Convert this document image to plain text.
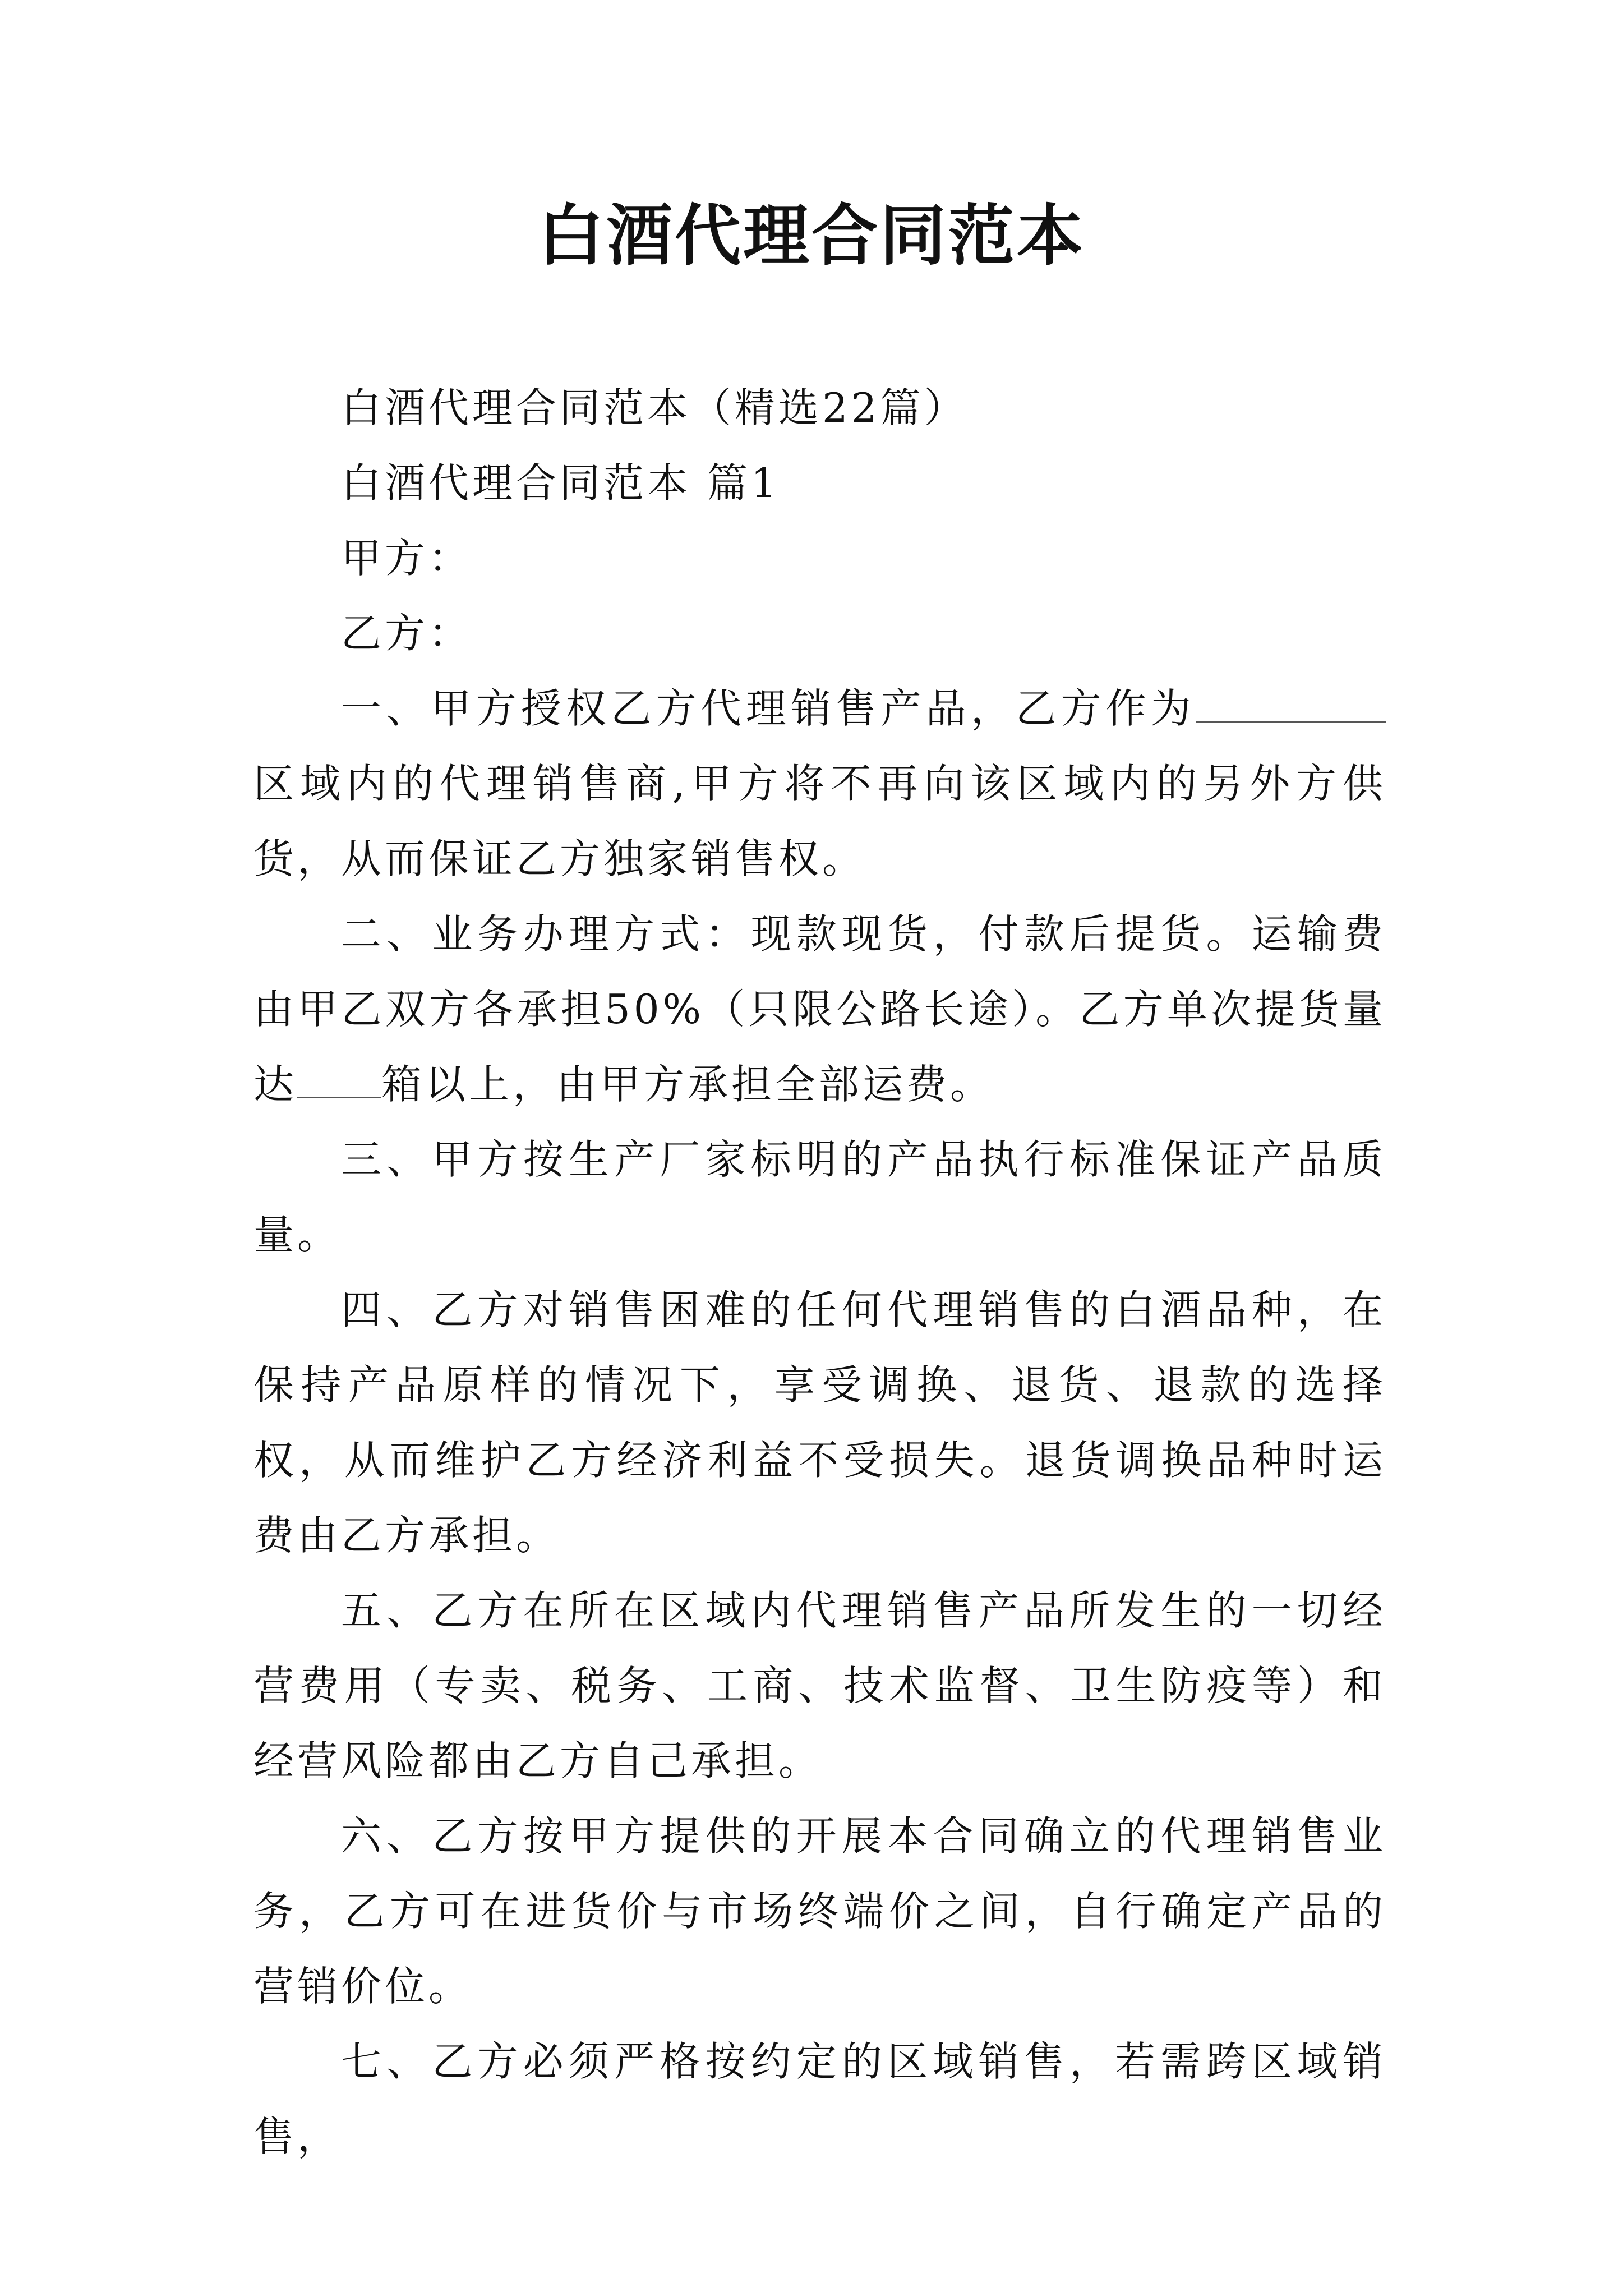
白酒代理合同范本

白酒代理合同范本（精选22篇）

白酒代理合同范本 篇1

甲方：

乙方：

一、甲方授权乙方代理销售产品，乙方作为区域内的代理销售商,甲方将不再向该区域内的另外方供货，从而保证乙方独家销售权。

二、业务办理方式：现款现货，付款后提货。运输费由甲乙双方各承担50%（只限公路长途）。乙方单次提货量达 箱以上，由甲方承担全部运费。

三、甲方按生产厂家标明的产品执行标准保证产品质量。

四、乙方对销售困难的任何代理销售的白酒品种，在保持产品原样的情况下，享受调换、退货、退款的选择权，从而维护乙方经济利益不受损失。退货调换品种时运费由乙方承担。

五、乙方在所在区域内代理销售产品所发生的一切经营费用（专卖、税务、工商、技术监督、卫生防疫等）和经营风险都由乙方自己承担。

六、乙方按甲方提供的开展本合同确立的代理销售业务，乙方可在进货价与市场终端价之间，自行确定产品的营销价位。

七、乙方必须严格按约定的区域销售，若需跨区域销售，
